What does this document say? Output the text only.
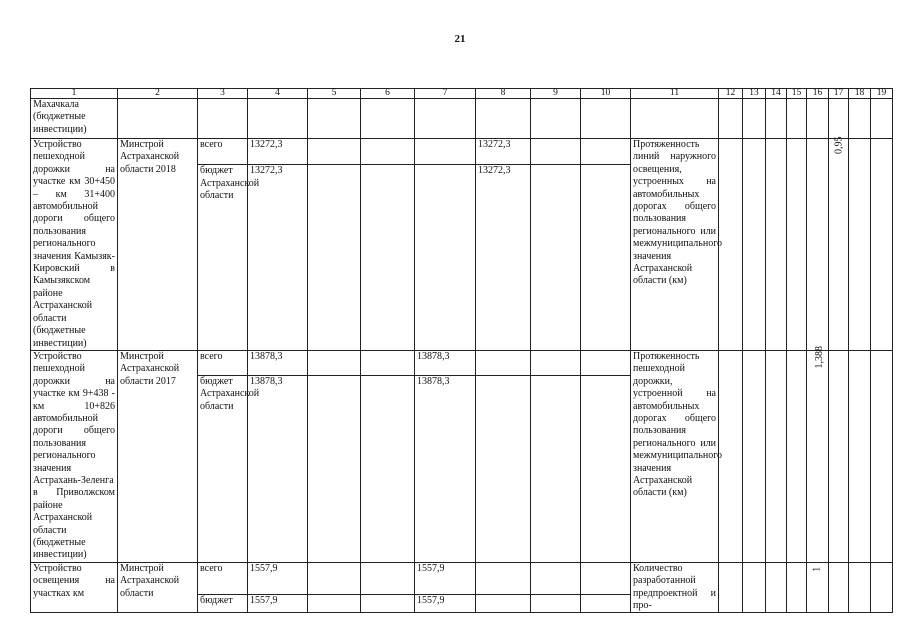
21
1	2	3	4	5	6	7	8	9	10	11	12	13	14	15	16	17	18	19
Махачкала (бюджетные инвестиции)																		
Устройство пешеходной дорожки на участке км 30+450 – км 31+400 автомобильной дороги общего пользования регионального значения Камызяк-Кировский в Камызякском районе Астраханской области (бюджетные инвестиции)	Минстрой Астраханской области 2018	всего	13272,3				13272,3			Протяженность линий наружного освещения, устроенных на автомобильных дорогах общего пользования регионального или межмуниципального значения Астраханской области (км)						0,95		
		бюджет Астраханской области	13272,3				13272,3											
Устройство пешеходной дорожки на участке км 9+438 - км 10+826 автомобильной дороги общего пользования регионального значения Астрахань-Зеленга в Приволжском районе Астраханской области (бюджетные инвестиции)	Минстрой Астраханской области 2017	всего	13878,3			13878,3				Протяженность пешеходной дорожки, устроенной на автомобильных дорогах общего пользования регионального или межмуниципального значения Астраханской области (км)					1,388			
		бюджет Астраханской области	13878,3			13878,3												
Устройство освещения на участках км	Минстрой Астраханской области	всего	1557,9			1557,9				Количество разработанной предпроектной и про-					1			
		бюджет	1557,9			1557,9												
